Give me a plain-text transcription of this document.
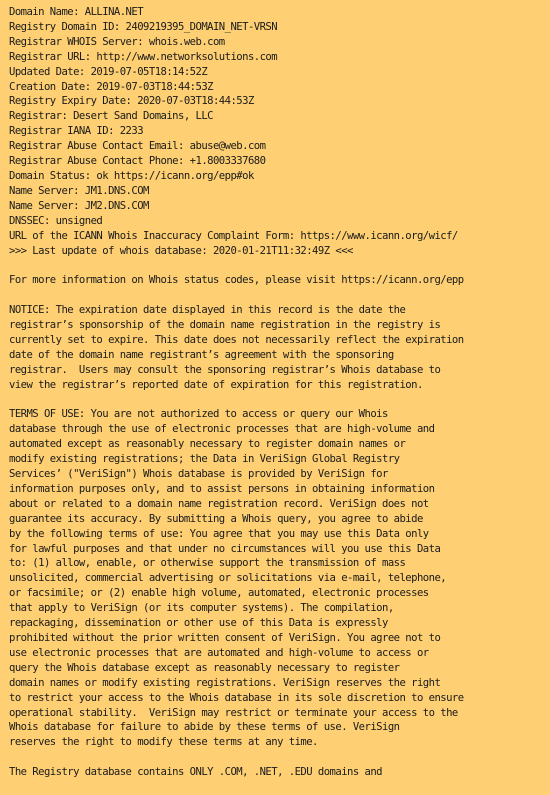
Domain Name: ALLINA.NET
Registry Domain ID: 2409219395_DOMAIN_NET-VRSN
Registrar WHOIS Server: whois.web.com
Registrar URL: http://www.networksolutions.com
Updated Date: 2019-07-05T18:14:52Z
Creation Date: 2019-07-03T18:44:53Z
Registry Expiry Date: 2020-07-03T18:44:53Z
Registrar: Desert Sand Domains, LLC
Registrar IANA ID: 2233
Registrar Abuse Contact Email: abuse@web.com
Registrar Abuse Contact Phone: +1.8003337680
Domain Status: ok https://icann.org/epp#ok
Name Server: JM1.DNS.COM
Name Server: JM2.DNS.COM
DNSSEC: unsigned
URL of the ICANN Whois Inaccuracy Complaint Form: https://www.icann.org/wicf/
>>> Last update of whois database: 2020-01-21T11:32:49Z <<<
For more information on Whois status codes, please visit https://icann.org/epp
NOTICE: The expiration date displayed in this record is the date the
registrar’s sponsorship of the domain name registration in the registry is
currently set to expire. This date does not necessarily reflect the expiration
date of the domain name registrant’s agreement with the sponsoring
registrar.  Users may consult the sponsoring registrar’s Whois database to
view the registrar’s reported date of expiration for this registration.
TERMS OF USE: You are not authorized to access or query our Whois
database through the use of electronic processes that are high-volume and
automated except as reasonably necessary to register domain names or
modify existing registrations; the Data in VeriSign Global Registry
Services’ ("VeriSign") Whois database is provided by VeriSign for
information purposes only, and to assist persons in obtaining information
about or related to a domain name registration record. VeriSign does not
guarantee its accuracy. By submitting a Whois query, you agree to abide
by the following terms of use: You agree that you may use this Data only
for lawful purposes and that under no circumstances will you use this Data
to: (1) allow, enable, or otherwise support the transmission of mass
unsolicited, commercial advertising or solicitations via e-mail, telephone,
or facsimile; or (2) enable high volume, automated, electronic processes
that apply to VeriSign (or its computer systems). The compilation,
repackaging, dissemination or other use of this Data is expressly
prohibited without the prior written consent of VeriSign. You agree not to
use electronic processes that are automated and high-volume to access or
query the Whois database except as reasonably necessary to register
domain names or modify existing registrations. VeriSign reserves the right
to restrict your access to the Whois database in its sole discretion to ensure
operational stability.  VeriSign may restrict or terminate your access to the
Whois database for failure to abide by these terms of use. VeriSign
reserves the right to modify these terms at any time.
The Registry database contains ONLY .COM, .NET, .EDU domains and
